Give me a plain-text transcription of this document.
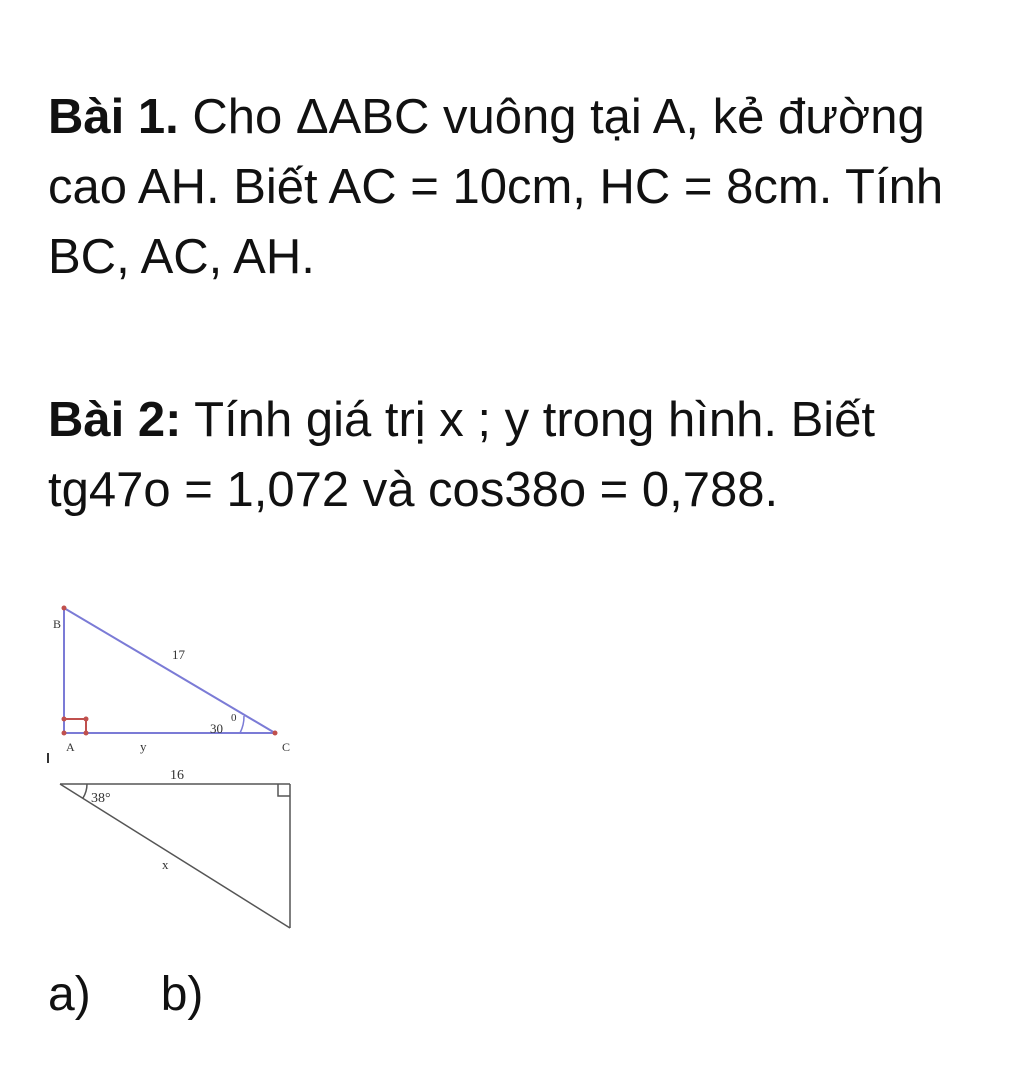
Bài 1. Cho ΔABC vuông tại A, kẻ đường cao AH. Biết AC = 10cm, HC = 8cm. Tính BC, AC, AH.

Bài 2: Tính giá trị x ; y trong hình. Biết tg47o = 1,072 và cos38o = 0,788.

B
A	C
17
30
0
y
16
38°
x
a) b)
